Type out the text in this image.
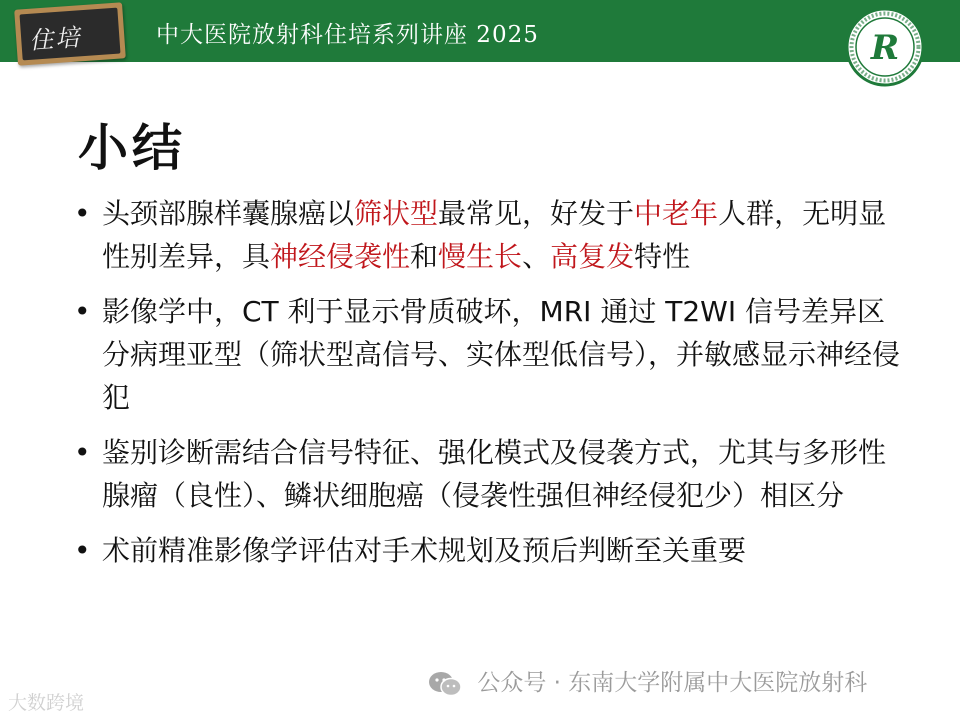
住培	中大医院放射科住培系列讲座 2025	R
小结
• 头颈部腺样囊腺癌以筛状型最常见，好发于中老年人群，无明显性别差异，具神经侵袭性和慢生长、高复发特性
• 影像学中，CT 利于显示骨质破坏，MRI 通过 T2WI 信号差异区分病理亚型（筛状型高信号、实体型低信号），并敏感显示神经侵犯
• 鉴别诊断需结合信号特征、强化模式及侵袭方式，尤其与多形性腺瘤（良性）、鳞状细胞癌（侵袭性强但神经侵犯少）相区分
• 术前精准影像学评估对手术规划及预后判断至关重要
公众号 · 东南大学附属中大医院放射科
大数跨境
